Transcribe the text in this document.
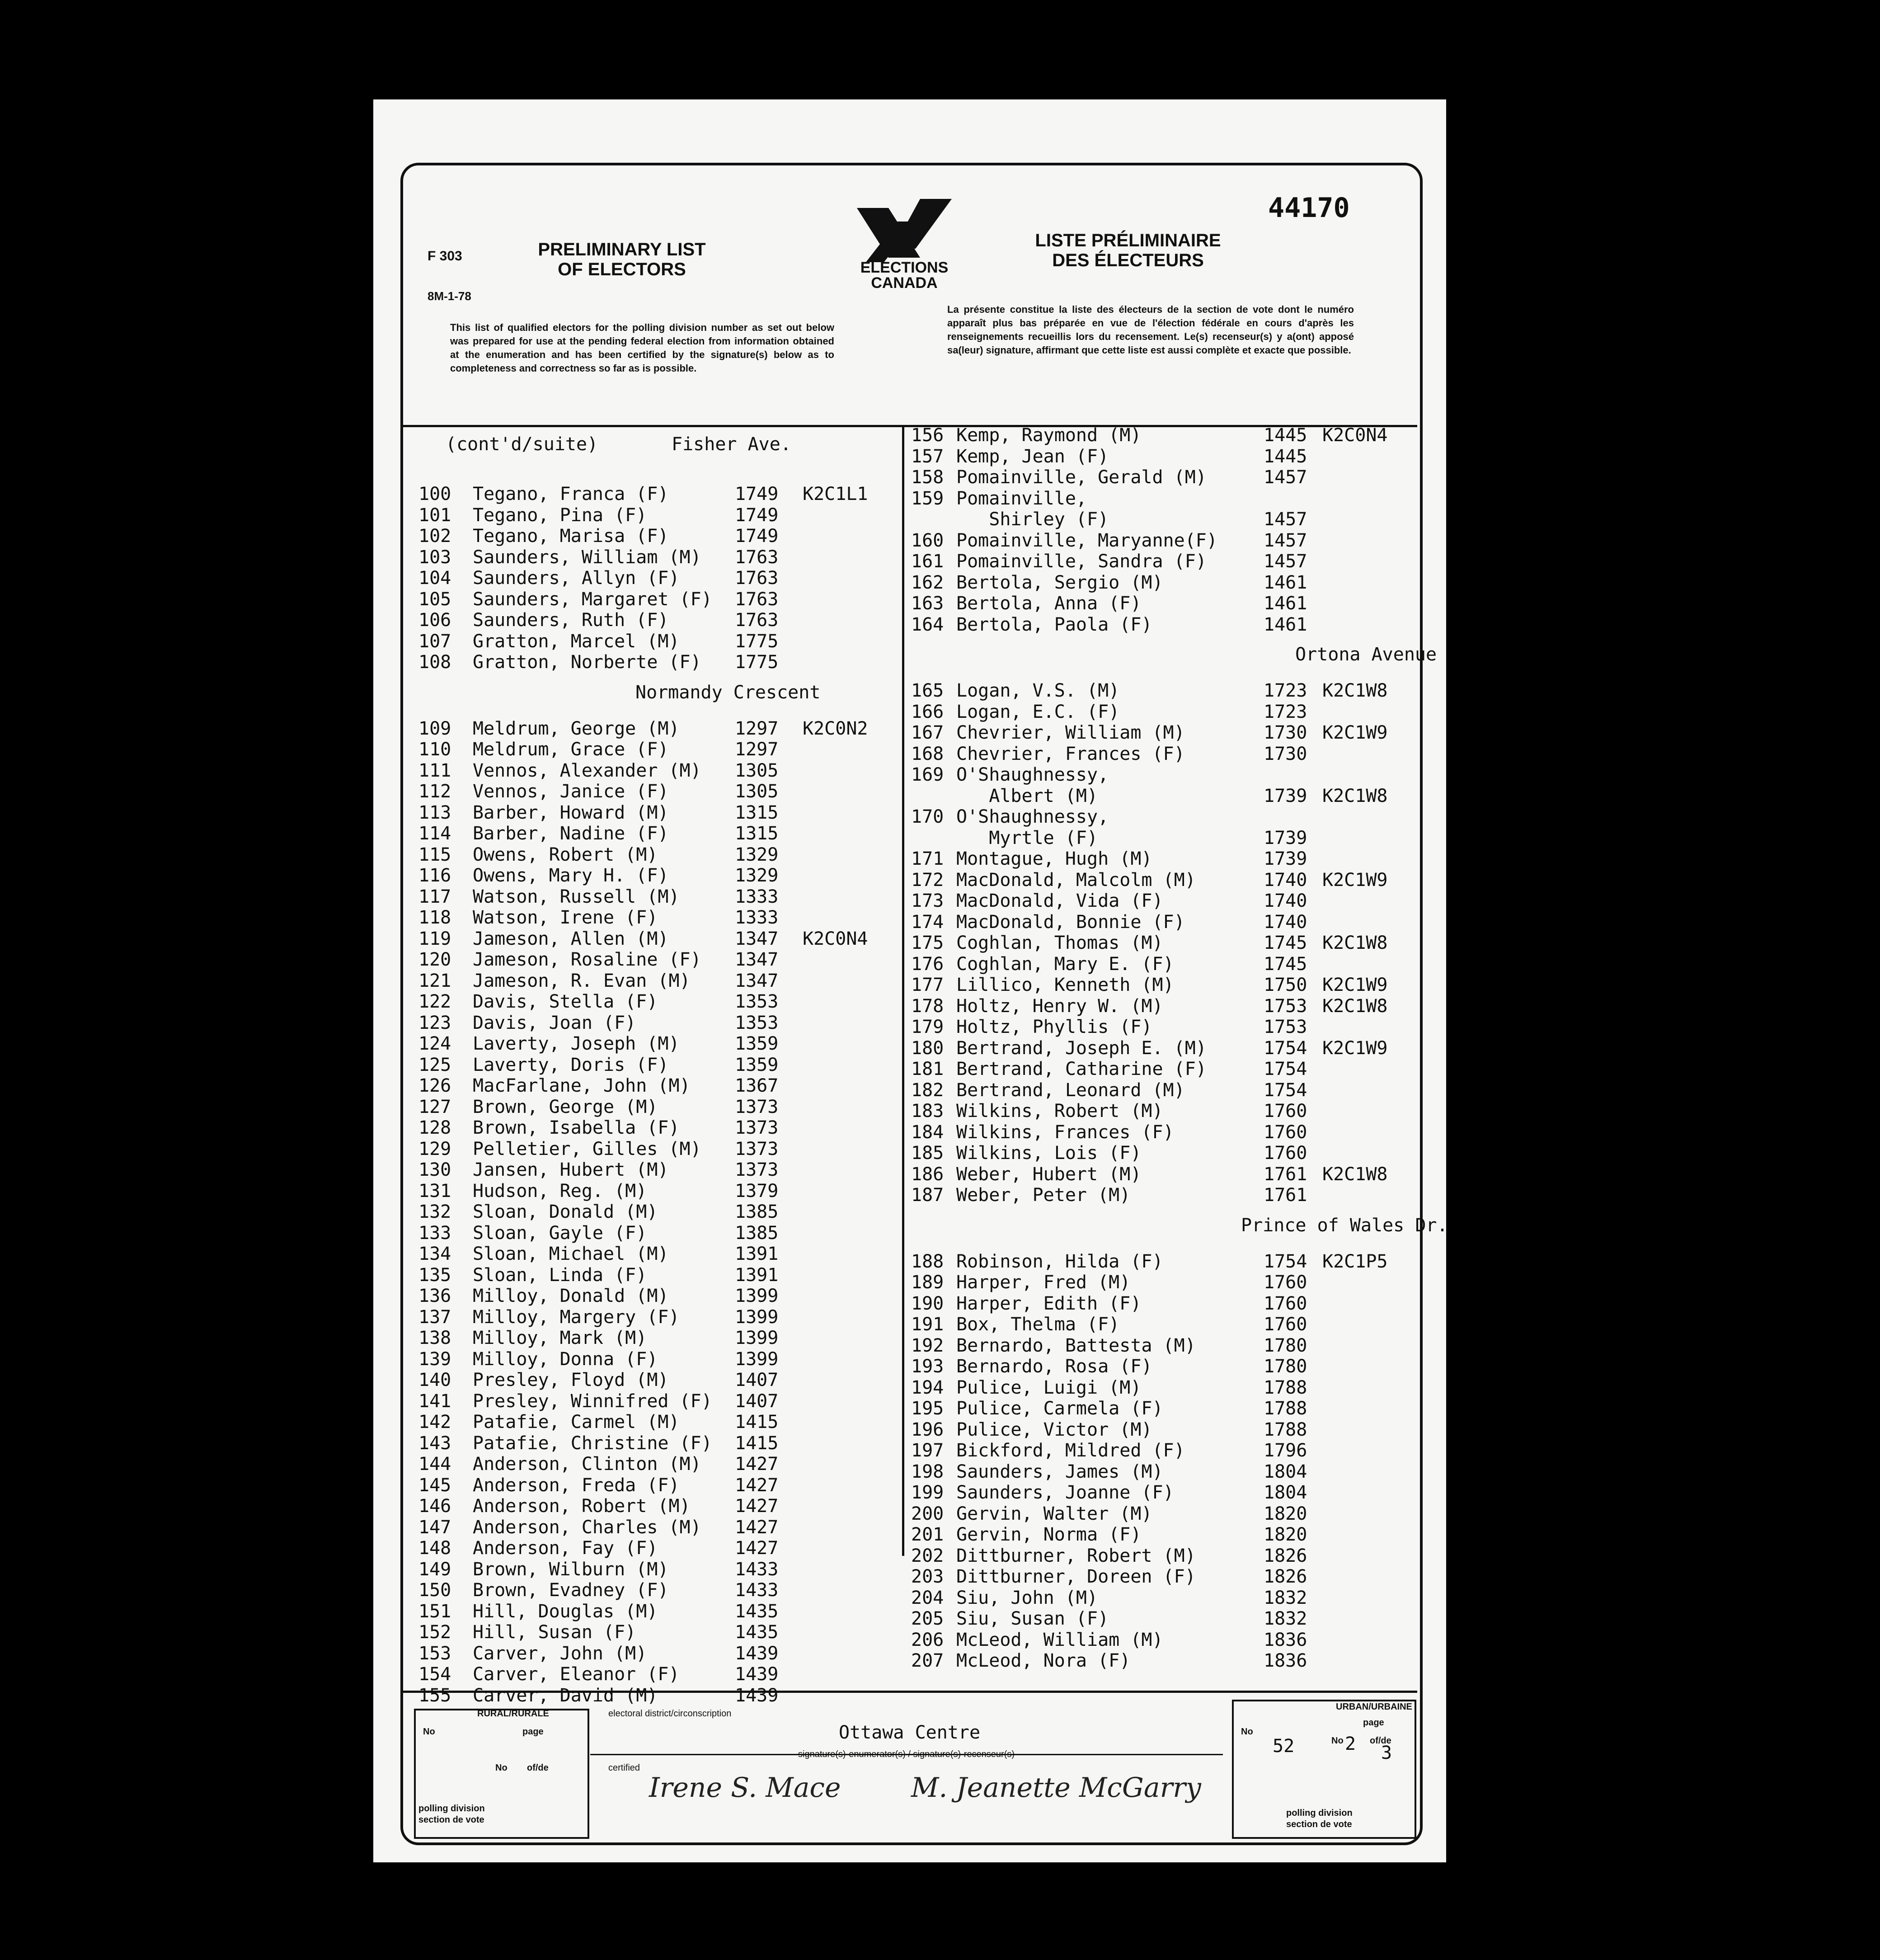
F 303
8M-1-78
PRELIMINARY LIST OF ELECTORS
LISTE PRÉLIMINAIRE DES ÉLECTEURS
44170
ELECTIONS CANADA
This list of qualified electors for the polling division number as set out below was prepared for use at the pending federal election from information obtained at the enumeration and has been certified by the signature(s) below as to completeness and correctness so far as is possible.
La présente constitue la liste des électeurs de la section de vote dont le numéro apparaît plus bas préparée en vue de l'élection fédérale en cours d'après les renseignements recueillis lors du recensement. Le(s) recenseur(s) y a(ont) apposé sa(leur) signature, affirmant que cette liste est aussi complète et exacte que possible.
(cont'd/suite)	Fisher Ave.
100 Tegano, Franca (F)	1749 K2C1L1
101 Tegano, Pina (F)	1749
102 Tegano, Marisa (F)	1749
103 Saunders, William (M) 1763
104 Saunders, Allyn (F)	1763
105 Saunders, Margaret (F) 1763
106 Saunders, Ruth (F)	1763
107 Gratton, Marcel (M)	1775
108 Gratton, Norberte (F) 1775
Normandy Crescent
109 Meldrum, George (M)	1297 K2C0N2
110 Meldrum, Grace (F)	1297
111 Vennos, Alexander (M) 1305
112 Vennos, Janice (F)	1305
113 Barber, Howard (M)	1315
114 Barber, Nadine (F)	1315
115 Owens, Robert (M)	1329
116 Owens, Mary H. (F)	1329
117 Watson, Russell (M)	1333
118 Watson, Irene (F)	1333
119 Jameson, Allen (M)	1347 K2C0N4
120 Jameson, Rosaline (F) 1347
121 Jameson, R. Evan (M) 1347
122 Davis, Stella (F)	1353
123 Davis, Joan (F)	1353
124 Laverty, Joseph (M)	1359
125 Laverty, Doris (F)	1359
126 MacFarlane, John (M) 1367
127 Brown, George (M)	1373
128 Brown, Isabella (F)	1373
129 Pelletier, Gilles (M) 1373
130 Jansen, Hubert (M)	1373
131 Hudson, Reg. (M)	1379
132 Sloan, Donald (M)	1385
133 Sloan, Gayle (F)	1385
134 Sloan, Michael (M)	1391
135 Sloan, Linda (F)	1391
136 Milloy, Donald (M)	1399
137 Milloy, Margery (F)	1399
138 Milloy, Mark (M)	1399
139 Milloy, Donna (F)	1399
140 Presley, Floyd (M)	1407
141 Presley, Winnifred (F) 1407
142 Patafie, Carmel (M)	1415
143 Patafie, Christine (F) 1415
144 Anderson, Clinton (M) 1427
145 Anderson, Freda (F)	1427
146 Anderson, Robert (M) 1427
147 Anderson, Charles (M) 1427
148 Anderson, Fay (F)	1427
149 Brown, Wilburn (M)	1433
150 Brown, Evadney (F)	1433
151 Hill, Douglas (M)	1435
152 Hill, Susan (F)	1435
153 Carver, John (M)	1439
154 Carver, Eleanor (F)	1439
155 Carver, David (M)	1439
156 Kemp, Raymond (M)	1445 K2C0N4
157 Kemp, Jean (F)	1445
158 Pomainville, Gerald (M)	1457
159 Pomainville,
Shirley (F)	1457
160 Pomainville, Maryanne(F)	1457
161 Pomainville, Sandra (F)	1457
162 Bertola, Sergio (M)	1461
163 Bertola, Anna (F)	1461
164 Bertola, Paola (F)	1461
Ortona Avenue
165 Logan, V.S. (M)	1723 K2C1W8
166 Logan, E.C. (F)	1723
167 Chevrier, William (M)	1730 K2C1W9
168 Chevrier, Frances (F)	1730
169 O'Shaughnessy,
Albert (M)	1739 K2C1W8
170 O'Shaughnessy,
Myrtle (F)	1739
171 Montague, Hugh (M)	1739
172 MacDonald, Malcolm (M)	1740 K2C1W9
173 MacDonald, Vida (F)	1740
174 MacDonald, Bonnie (F)	1740
175 Coghlan, Thomas (M)	1745 K2C1W8
176 Coghlan, Mary E. (F)	1745
177 Lillico, Kenneth (M)	1750 K2C1W9
178 Holtz, Henry W. (M)	1753 K2C1W8
179 Holtz, Phyllis (F)	1753
180 Bertrand, Joseph E. (M)	1754 K2C1W9
181 Bertrand, Catharine (F)	1754
182 Bertrand, Leonard (M)	1754
183 Wilkins, Robert (M)	1760
184 Wilkins, Frances (F)	1760
185 Wilkins, Lois (F)	1760
186 Weber, Hubert (M)	1761 K2C1W8
187 Weber, Peter (M)	1761
Prince of Wales Dr.
188 Robinson, Hilda (F)	1754 K2C1P5
189 Harper, Fred (M)	1760
190 Harper, Edith (F)	1760
191 Box, Thelma (F)	1760
192 Bernardo, Battesta (M)	1780
193 Bernardo, Rosa (F)	1780
194 Pulice, Luigi (M)	1788
195 Pulice, Carmela (F)	1788
196 Pulice, Victor (M)	1788
197 Bickford, Mildred (F)	1796
198 Saunders, James (M)	1804
199 Saunders, Joanne (F)	1804
200 Gervin, Walter (M)	1820
201 Gervin, Norma (F)	1820
202 Dittburner, Robert (M)	1826
203 Dittburner, Doreen (F)	1826
204 Siu, John (M)	1832
205 Siu, Susan (F)	1832
206 McLeod, William (M)	1836
207 McLeod, Nora (F)	1836
RURAL/RURALE
No	page
No of/de
polling division
section de vote
electoral district/circonscription
Ottawa Centre
certified
signature(s)-enumerator(s) / signature(s)-recenseur(s)
Irene S. Mace	M. Jeanette McGarry
URBAN/URBAINE
No
page
52	No 2 of/de
3
polling division
section de vote
